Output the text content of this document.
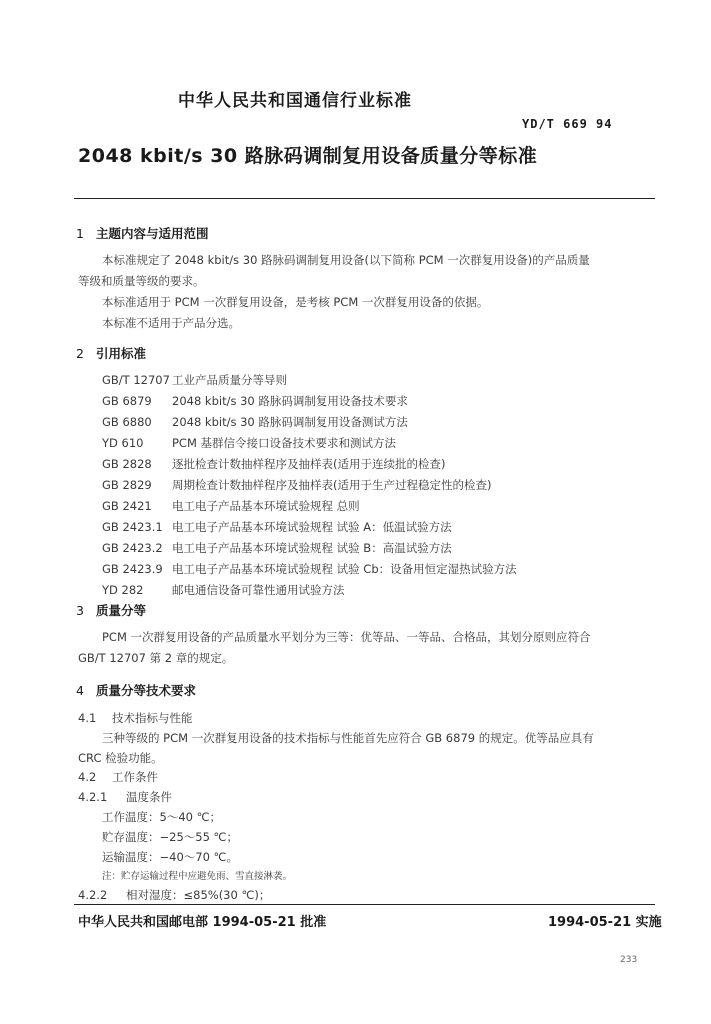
中华人民共和国通信行业标准
YD/T 669 94
2048 kbit/s 30 路脉码调制复用设备质量分等标准
1 主题内容与适用范围
本标准规定了 2048 kbit/s 30 路脉码调制复用设备(以下简称 PCM 一次群复用设备)的产品质量
等级和质量等级的要求。
本标准适用于 PCM 一次群复用设备，是考核 PCM 一次群复用设备的依据。
本标准不适用于产品分选。
2 引用标准
GB/T 12707 工业产品质量分等导则
GB 6879 2048 kbit/s 30 路脉码调制复用设备技术要求
GB 6880 2048 kbit/s 30 路脉码调制复用设备测试方法
YD 610 PCM 基群信令接口设备技术要求和测试方法
GB 2828 逐批检查计数抽样程序及抽样表(适用于连续批的检查)
GB 2829 周期检查计数抽样程序及抽样表(适用于生产过程稳定性的检查)
GB 2421 电工电子产品基本环境试验规程 总则
GB 2423.1 电工电子产品基本环境试验规程 试验 A：低温试验方法
GB 2423.2 电工电子产品基本环境试验规程 试验 B：高温试验方法
GB 2423.9 电工电子产品基本环境试验规程 试验 Cb：设备用恒定湿热试验方法
YD 282 邮电通信设备可靠性通用试验方法
3 质量分等
PCM 一次群复用设备的产品质量水平划分为三等：优等品、一等品、合格品，其划分原则应符合
GB/T 12707 第 2 章的规定。
4 质量分等技术要求
4.1 技术指标与性能
三种等级的 PCM 一次群复用设备的技术指标与性能首先应符合 GB 6879 的规定。优等品应具有
CRC 检验功能。
4.2 工作条件
4.2.1 温度条件
工作温度：5～40 ℃；
贮存温度：−25～55 ℃；
运输温度：−40～70 ℃。
注：贮存运输过程中应避免雨、雪直接淋袭。
4.2.2 相对湿度：≤85%(30 ℃)；
中华人民共和国邮电部 1994-05-21 批准	1994-05-21 实施
233
